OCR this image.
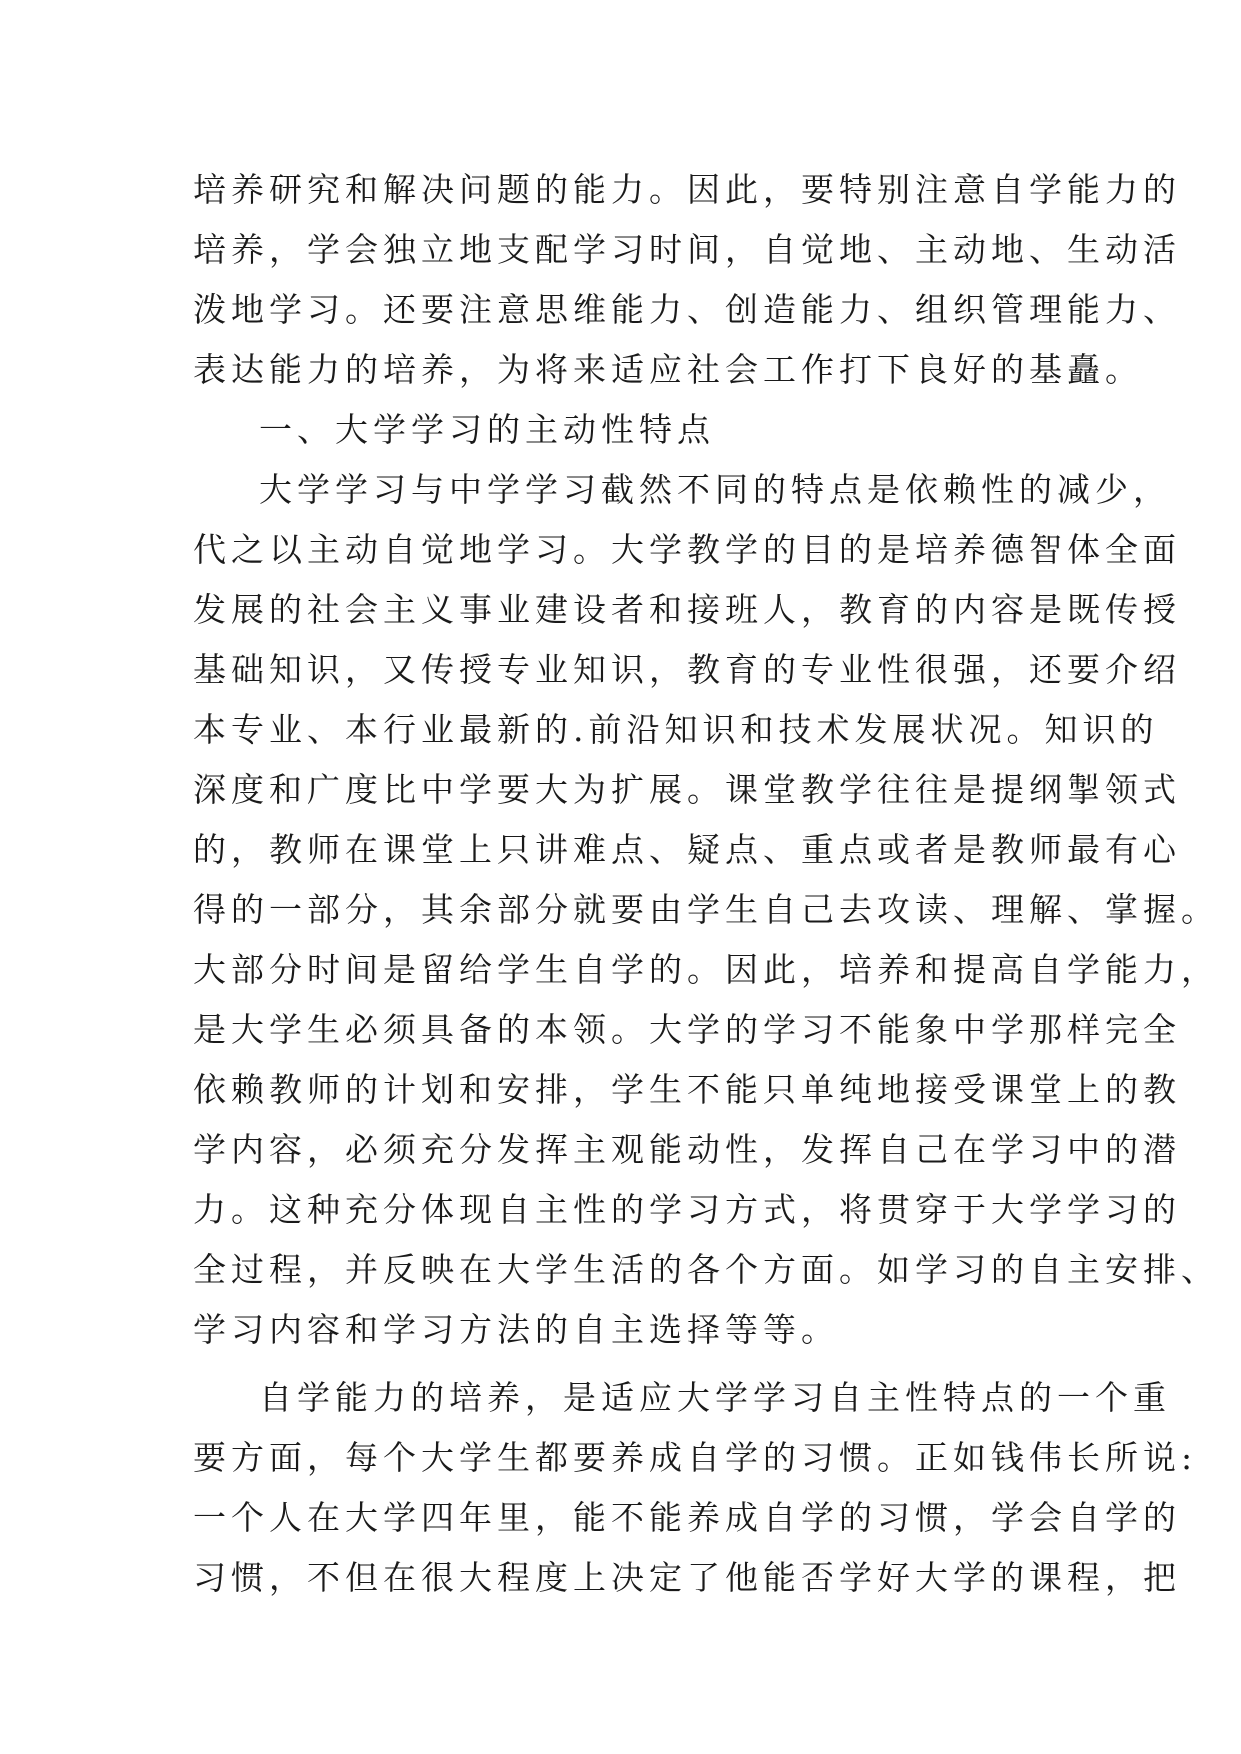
培养研究和解决问题的能力。因此，要特别注意自学能力的
培养，学会独立地支配学习时间，自觉地、主动地、生动活
泼地学习。还要注意思维能力、创造能力、组织管理能力、
表达能力的培养，为将来适应社会工作打下良好的基矗。
一、大学学习的主动性特点
大学学习与中学学习截然不同的特点是依赖性的减少，
代之以主动自觉地学习。大学教学的目的是培养德智体全面
发展的社会主义事业建设者和接班人，教育的内容是既传授
基础知识，又传授专业知识，教育的专业性很强，还要介绍
本专业、本行业最新的.前沿知识和技术发展状况。知识的
深度和广度比中学要大为扩展。课堂教学往往是提纲掣领式
的，教师在课堂上只讲难点、疑点、重点或者是教师最有心
得的一部分，其余部分就要由学生自己去攻读、理解、掌握。
大部分时间是留给学生自学的。因此，培养和提高自学能力，
是大学生必须具备的本领。大学的学习不能象中学那样完全
依赖教师的计划和安排，学生不能只单纯地接受课堂上的教
学内容，必须充分发挥主观能动性，发挥自己在学习中的潜
力。这种充分体现自主性的学习方式，将贯穿于大学学习的
全过程，并反映在大学生活的各个方面。如学习的自主安排、
学习内容和学习方法的自主选择等等。
自学能力的培养，是适应大学学习自主性特点的一个重
要方面，每个大学生都要养成自学的习惯。正如钱伟长所说:
一个人在大学四年里，能不能养成自学的习惯，学会自学的
习惯，不但在很大程度上决定了他能否学好大学的课程，把
